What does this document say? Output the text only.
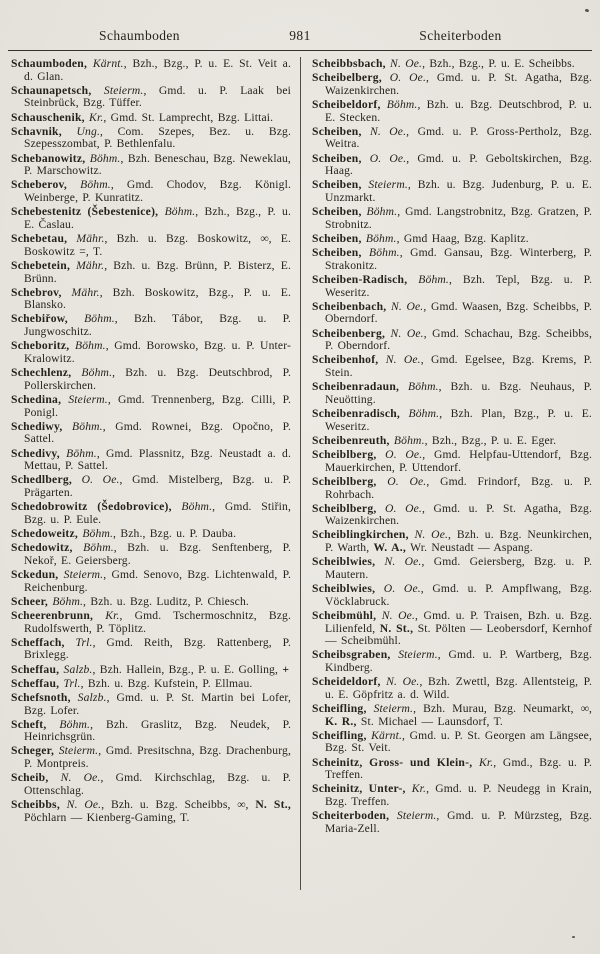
Schaumboden	981	Scheiterboden

Schaumboden, Kärnt., Bzh., Bzg., P. u. E. St. Veit a. d. Glan.

Schaunapetsch, Steierm., Gmd. u. P. Laak bei Steinbrück, Bzg. Tüffer.

Schauschenik, Kr., Gmd. St. Lamprecht, Bzg. Littai.

Schavnik, Ung., Com. Szepes, Bez. u. Bzg. Szepesszombat, P. Bethlenfalu.

Schebanowitz, Böhm., Bzh. Beneschau, Bzg. Neweklau, P. Marschowitz.

Scheberov, Böhm., Gmd. Chodov, Bzg. Königl. Weinberge, P. Kunratitz.

Schebestenitz (Šebestenice), Böhm., Bzh., Bzg., P. u. E. Časlau.

Schebetau, Mähr., Bzh. u. Bzg. Boskowitz, ∞, E. Boskowitz =, T.

Schebetein, Mähr., Bzh. u. Bzg. Brünn, P. Bisterz, E. Brünn.

Schebrov, Mähr., Bzh. Boskowitz, Bzg., P. u. E. Blansko.

Schebiřow, Böhm., Bzh. Tábor, Bzg. u. P. Jungwoschitz.

Scheboritz, Böhm., Gmd. Borowsko, Bzg. u. P. Unter-Kralowitz.

Schechlenz, Böhm., Bzh. u. Bzg. Deutschbrod, P. Pollerskirchen.

Schedina, Steierm., Gmd. Trennenberg, Bzg. Cilli, P. Ponigl.

Schediwy, Böhm., Gmd. Rownei, Bzg. Opočno, P. Sattel.

Schedivy, Böhm., Gmd. Plassnitz, Bzg. Neustadt a. d. Mettau, P. Sattel.

Schedlberg, O. Oe., Gmd. Mistelberg, Bzg. u. P. Prägarten.

Schedobrowitz (Šedobrovice), Böhm., Gmd. Stiřin, Bzg. u. P. Eule.

Schedoweitz, Böhm., Bzh., Bzg. u. P. Dauba.

Schedowitz, Böhm., Bzh. u. Bzg. Senftenberg, P. Nekoř, E. Geiersberg.

Sckedun, Steierm., Gmd. Senovo, Bzg. Lichtenwald, P. Reichenburg.

Scheer, Böhm., Bzh. u. Bzg. Luditz, P. Chiesch.

Scheerenbrunn, Kr., Gmd. Tschermoschnitz, Bzg. Rudolfswerth, P. Töplitz.

Scheffach, Trl., Gmd. Reith, Bzg. Rattenberg, P. Brixlegg.

Scheffau, Salzb., Bzh. Hallein, Bzg., P. u. E. Golling, +

Scheffau, Trl., Bzh. u. Bzg. Kufstein, P. Ellmau.

Schefsnoth, Salzb., Gmd. u. P. St. Martin bei Lofer, Bzg. Lofer.

Scheft, Böhm., Bzh. Graslitz, Bzg. Neudek, P. Heinrichsgrün.

Scheger, Steierm., Gmd. Presitschna, Bzg. Drachenburg, P. Montpreis.

Scheib, N. Oe., Gmd. Kirchschlag, Bzg. u. P. Ottenschlag.

Scheibbs, N. Oe., Bzh. u. Bzg. Scheibbs, ∞, N. St., Pöchlarn — Kienberg-Gaming, T.

Scheibbsbach, N. Oe., Bzh., Bzg., P. u. E. Scheibbs.

Scheibelberg, O. Oe., Gmd. u. P. St. Agatha, Bzg. Waizenkirchen.

Scheibeldorf, Böhm., Bzh. u. Bzg. Deutschbrod, P. u. E. Stecken.

Scheiben, N. Oe., Gmd. u. P. Gross-Pertholz, Bzg. Weitra.

Scheiben, O. Oe., Gmd. u. P. Geboltskirchen, Bzg. Haag.

Scheiben, Steierm., Bzh. u. Bzg. Judenburg, P. u. E. Unzmarkt.

Scheiben, Böhm., Gmd. Langstrobnitz, Bzg. Gratzen, P. Strobnitz.

Scheiben, Böhm., Gmd Haag, Bzg. Kaplitz.

Scheiben, Böhm., Gmd. Gansau, Bzg. Winterberg, P. Strakonitz.

Scheiben-Radisch, Böhm., Bzh. Tepl, Bzg. u. P. Weseritz.

Scheibenbach, N. Oe., Gmd. Waasen, Bzg. Scheibbs, P. Oberndorf.

Scheibenberg, N. Oe., Gmd. Schachau, Bzg. Scheibbs, P. Oberndorf.

Scheibenhof, N. Oe., Gmd. Egelsee, Bzg. Krems, P. Stein.

Scheibenradaun, Böhm., Bzh. u. Bzg. Neuhaus, P. Neuötting.

Scheibenradisch, Böhm., Bzh. Plan, Bzg., P. u. E. Weseritz.

Scheibenreuth, Böhm., Bzh., Bzg., P. u. E. Eger.

Scheiblberg, O. Oe., Gmd. Helpfau-Uttendorf, Bzg. Mauerkirchen, P. Uttendorf.

Scheiblberg, O. Oe., Gmd. Frindorf, Bzg. u. P. Rohrbach.

Scheiblberg, O. Oe., Gmd. u. P. St. Agatha, Bzg. Waizenkirchen.

Scheiblingkirchen, N. Oe., Bzh. u. Bzg. Neunkirchen, P. Warth, W. A., Wr. Neustadt — Aspang.

Scheiblwies, N. Oe., Gmd. Geiersberg, Bzg. u. P. Mautern.

Scheiblwies, O. Oe., Gmd. u. P. Ampflwang, Bzg. Vöcklabruck.

Scheibmühl, N. Oe., Gmd. u. P. Traisen, Bzh. u. Bzg. Lilienfeld, N. St., St. Pölten — Leobersdorf, Kernhof — Scheibmühl.

Scheibsgraben, Steierm., Gmd. u. P. Wartberg, Bzg. Kindberg.

Scheideldorf, N. Oe., Bzh. Zwettl, Bzg. Allentsteig, P. u. E. Göpfritz a. d. Wild.

Scheifling, Steierm., Bzh. Murau, Bzg. Neumarkt, ∞, K. R., St. Michael — Launsdorf, T.

Scheifling, Kärnt., Gmd. u. P. St. Georgen am Längsee, Bzg. St. Veit.

Scheinitz, Gross- und Klein-, Kr., Gmd., Bzg. u. P. Treffen.

Scheinitz, Unter-, Kr., Gmd. u. P. Neudegg in Krain, Bzg. Treffen.

Scheiterboden, Steierm., Gmd. u. P. Mürzsteg, Bzg. Maria-Zell.
